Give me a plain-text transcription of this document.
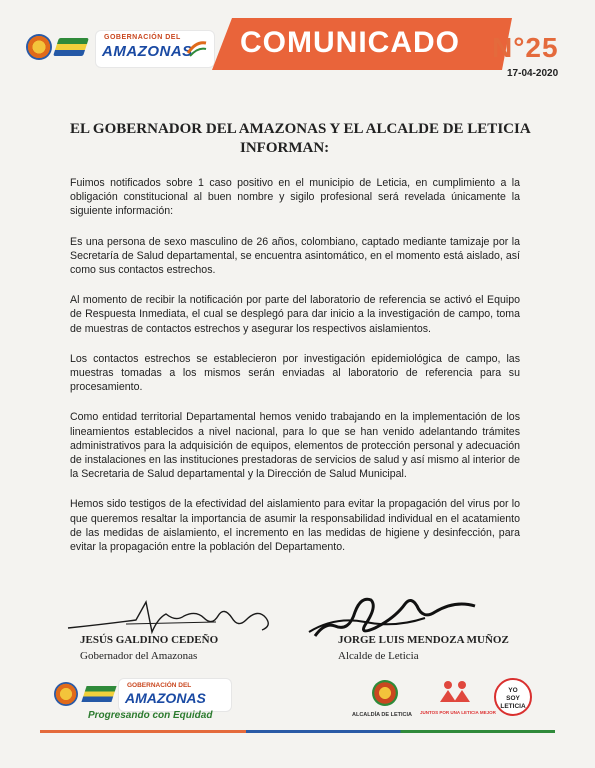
GOBERNACIÓN DEL
AMAZONAS COMUNICADO N°25
17-04-2020
EL GOBERNADOR DEL AMAZONAS Y EL ALCALDE DE LETICIA
INFORMAN:

Fuimos notificados sobre 1 caso positivo en el municipio de Leticia, en cumplimiento a la obligación constitucional al buen nombre y sigilo profesional será revelada únicamente la siguiente información:

Es una persona de sexo masculino de 26 años, colombiano, captado mediante tamizaje por la Secretaría de Salud departamental, se encuentra asintomático, en el momento está aislado, así como sus contactos estrechos.

Al momento de recibir la notificación por parte del laboratorio de referencia se activó el Equipo de Respuesta Inmediata, el cual se desplegó para dar inicio a la investigación de campo, toma de muestras de contactos estrechos y asegurar los respectivos aislamientos.

Los contactos estrechos se establecieron por investigación epidemiológica de campo, las muestras tomadas a los mismos serán enviadas al laboratorio de referencia para su procesamiento.

Como entidad territorial Departamental hemos venido trabajando en la implementación de los lineamientos establecidos a nivel nacional, para lo que se han venido adelantando trámites administrativos para la adquisición de equipos, elementos de protección personal y adecuación de instalaciones en las instituciones prestadoras de servicios de salud y así mismo al interior de la Secretaria de Salud departamental y la Dirección de Salud Municipal.

Hemos sido testigos de la efectividad del aislamiento para evitar la propagación del virus por lo que queremos resaltar la importancia de asumir la responsabilidad individual en el acatamiento de las medidas de aislamiento, el incremento en las medidas de higiene y desinfección, para evitar la propagación entre la población del Departamento.

JESÚS GALDINO CEDEÑO
Gobernador del Amazonas
JORGE LUIS MENDOZA MUÑOZ
Alcalde de Leticia
GOBERNACIÓN DEL
AMAZONAS
Progresando con Equidad	ALCALDÍA DE LETICIA JUNTOS POR UNA LETICIA MEJOR
YO
SOY
LETICIA
